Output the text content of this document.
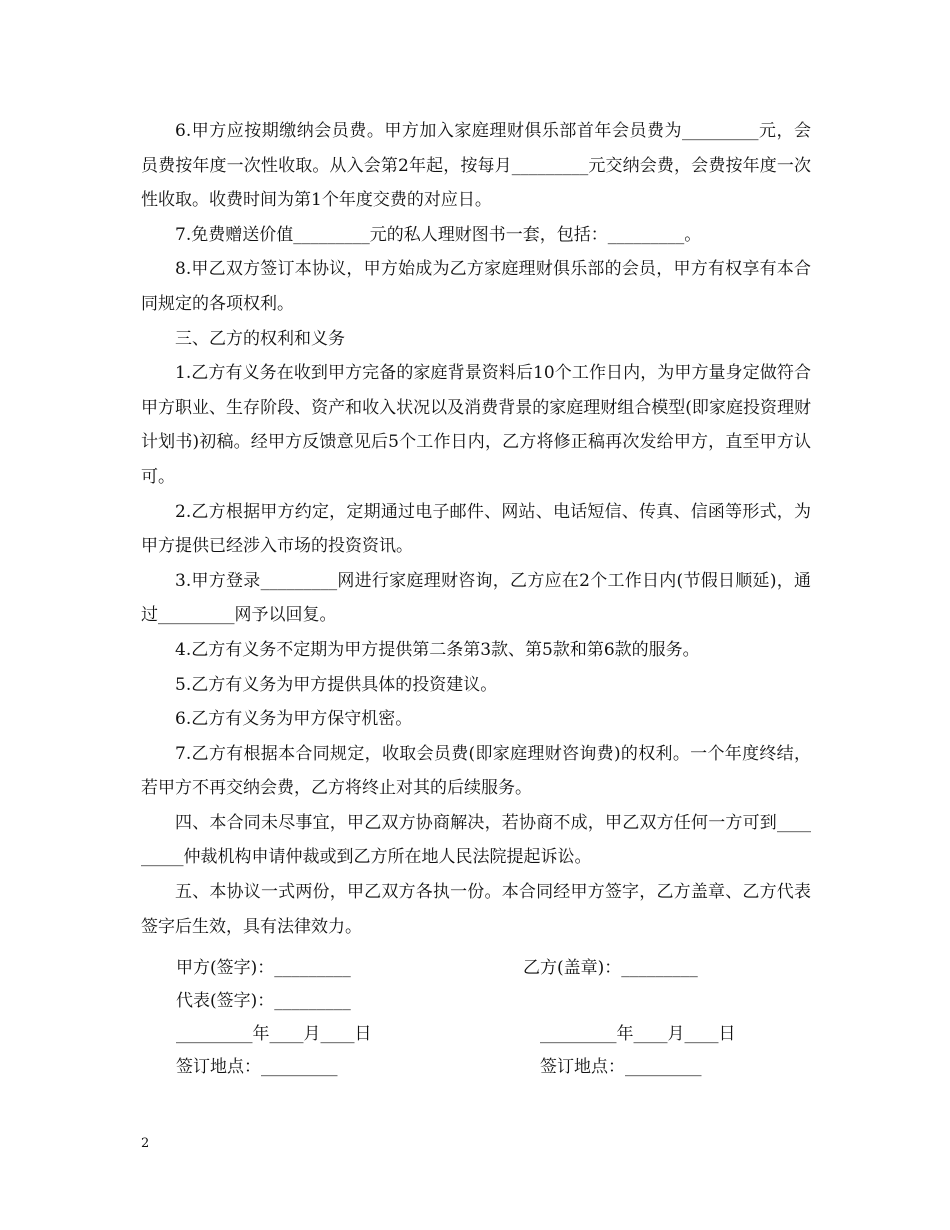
6.甲方应按期缴纳会员费。甲方加入家庭理财俱乐部首年会员费为_________元，会员费按年度一次性收取。从入会第2年起，按每月_________元交纳会费，会费按年度一次性收取。收费时间为第1个年度交费的对应日。

7.免费赠送价值_________元的私人理财图书一套，包括：_________。

8.甲乙双方签订本协议，甲方始成为乙方家庭理财俱乐部的会员，甲方有权享有本合同规定的各项权利。

三、乙方的权利和义务

1.乙方有义务在收到甲方完备的家庭背景资料后10个工作日内，为甲方量身定做符合甲方职业、生存阶段、资产和收入状况以及消费背景的家庭理财组合模型(即家庭投资理财计划书)初稿。经甲方反馈意见后5个工作日内，乙方将修正稿再次发给甲方，直至甲方认可。

2.乙方根据甲方约定，定期通过电子邮件、网站、电话短信、传真、信函等形式，为甲方提供已经涉入市场的投资资讯。

3.甲方登录_________网进行家庭理财咨询，乙方应在2个工作日内(节假日顺延)，通过_________网予以回复。

4.乙方有义务不定期为甲方提供第二条第3款、第5款和第6款的服务。

5.乙方有义务为甲方提供具体的投资建议。

6.乙方有义务为甲方保守机密。

7.乙方有根据本合同规定，收取会员费(即家庭理财咨询费)的权利。一个年度终结，若甲方不再交纳会费，乙方将终止对其的后续服务。

四、本合同未尽事宜，甲乙双方协商解决，若协商不成，甲乙双方任何一方可到_________仲裁机构申请仲裁或到乙方所在地人民法院提起诉讼。

五、本协议一式两份，甲乙双方各执一份。本合同经甲方签字，乙方盖章、乙方代表签字后生效，具有法律效力。

甲方(签字)：_________	乙方(盖章)：_________
代表(签字)：_________
_________年____月____日	_________年____月____日
签订地点：_________	签订地点：_________
2
